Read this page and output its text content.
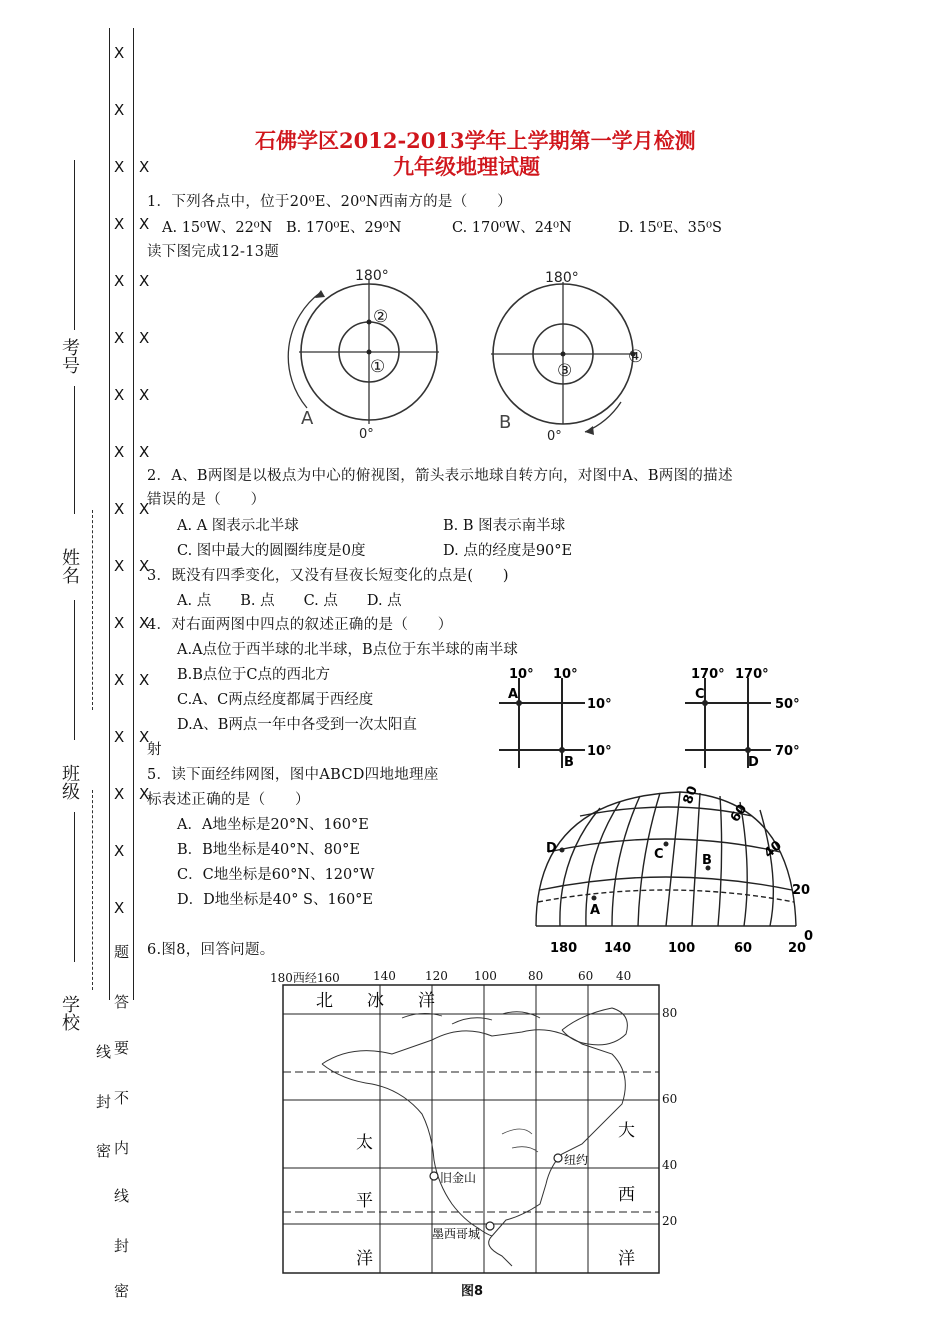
X
X
X
X
X
X
X
X
X
X
X
X
X
X
X
X
X
X
X
X
X
X
X
X
X
X
X
X
题
答
要
不
内
线
封
密
线
封
密
考号
姓名
班级
学校
石佛学区2012-2013学年上学期第一学月检测
九年级地理试题
1．下列各点中，位于20⁰E、20⁰N西南方的是（　　）
A. 15⁰W、22⁰N B. 170⁰E、29⁰N	C. 170⁰W、24⁰N	D. 15⁰E、35⁰S
读下图完成12-13题
180°
0°
A
①
②
180°
0°
B
③
④
2．A、B两图是以极点为中心的俯视图，箭头表示地球自转方向，对图中A、B两图的描述
错误的是（　　）
A. A 图表示北半球	B. B 图表示南半球
C. 图中最大的圆圈纬度是0度	D. 点的经度是90°E
3．既没有四季变化，又没有昼夜长短变化的点是(　　)
A. 点　　B. 点　　C. 点　　D. 点
4．对右面两图中四点的叙述正确的是（　　）
A.A点位于西半球的北半球，B点位于东半球的南半球
B.B点位于C点的西北方
C.A、C两点经度都属于西经度
D.A、B两点一年中各受到一次太阳直
射
10° 10°
10°
10°
A
B
170° 170°
50°
70°
C
D
5．读下面经纬网图，图中ABCD四地地理座
标表述正确的是（　　）
A．A地坐标是20°N、160°E
B．B地坐标是40°N、80°E
C．C地坐标是60°N、120°W
D．D地坐标是40° S、160°E
A
B
C
D
80
60
40
20
0
180 140	100	60	20
6.图8，回答问题。
180西经160	140 120 100	80	60 40
北　　冰　　洋
太
平
洋
大
西
洋
旧金山
纽约
墨西哥城
80
60
40
20
图8
